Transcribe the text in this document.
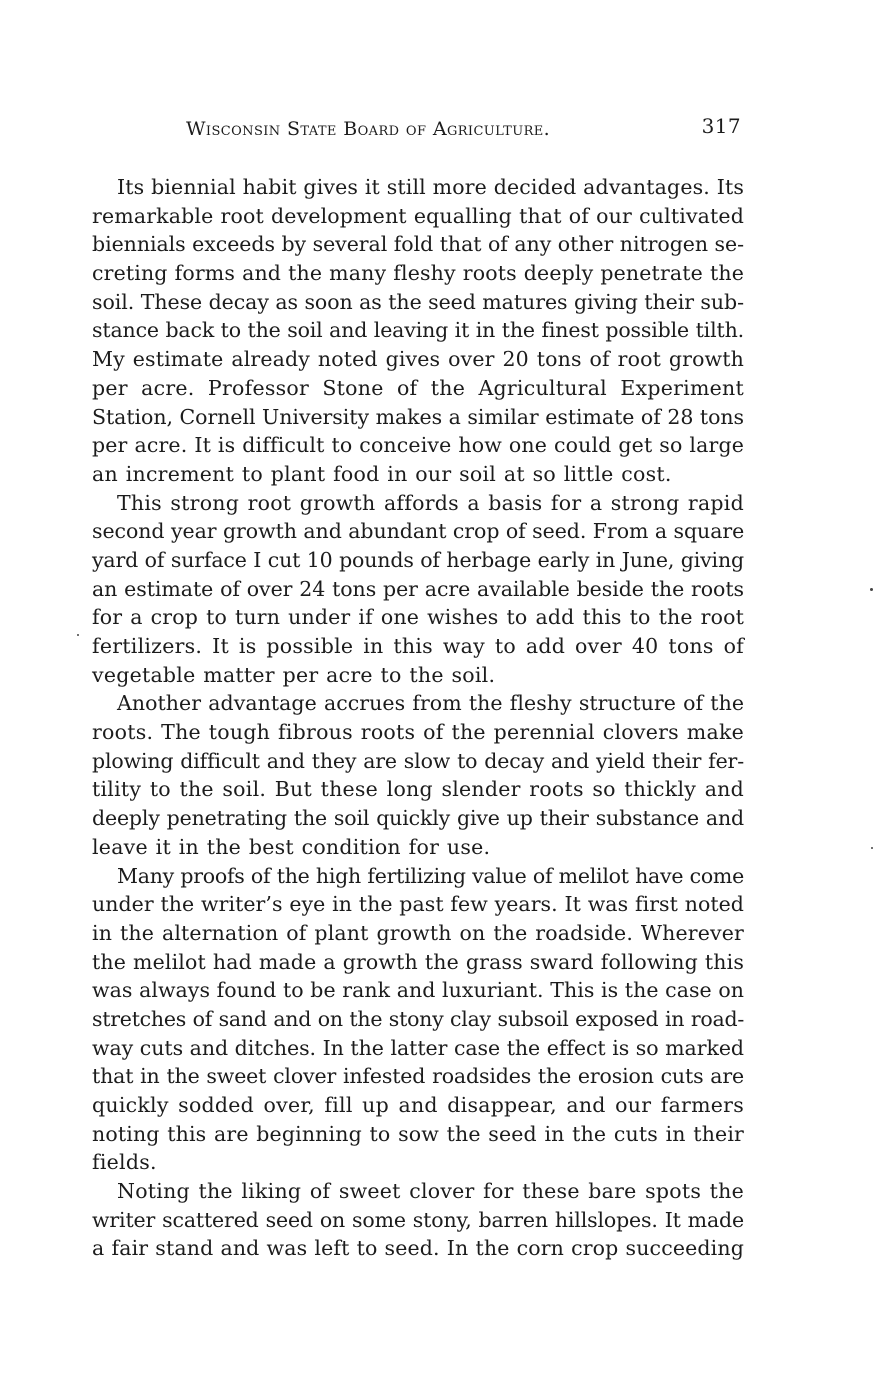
Wisconsin State Board of Agriculture.	317
Its biennial habit gives it still more decided advantages. Its
remarkable root development equalling that of our cultivated
biennials exceeds by several fold that of any other nitrogen se-
creting forms and the many fleshy roots deeply penetrate the
soil. These decay as soon as the seed matures giving their sub-
stance back to the soil and leaving it in the finest possible tilth.
My estimate already noted gives over 20 tons of root growth
per acre. Professor Stone of the Agricultural Experiment
Station, Cornell University makes a similar estimate of 28 tons
per acre. It is difficult to conceive how one could get so large
an increment to plant food in our soil at so little cost.
This strong root growth affords a basis for a strong rapid
second year growth and abundant crop of seed. From a square
yard of surface I cut 10 pounds of herbage early in June, giving
an estimate of over 24 tons per acre available beside the roots
for a crop to turn under if one wishes to add this to the root
fertilizers. It is possible in this way to add over 40 tons of
vegetable matter per acre to the soil.
Another advantage accrues from the fleshy structure of the
roots. The tough fibrous roots of the perennial clovers make
plowing difficult and they are slow to decay and yield their fer-
tility to the soil. But these long slender roots so thickly and
deeply penetrating the soil quickly give up their substance and
leave it in the best condition for use.
Many proofs of the high fertilizing value of melilot have come
under the writer’s eye in the past few years. It was first noted
in the alternation of plant growth on the roadside. Wherever
the melilot had made a growth the grass sward following this
was always found to be rank and luxuriant. This is the case on
stretches of sand and on the stony clay subsoil exposed in road-
way cuts and ditches. In the latter case the effect is so marked
that in the sweet clover infested roadsides the erosion cuts are
quickly sodded over, fill up and disappear, and our farmers
noting this are beginning to sow the seed in the cuts in their
fields.
Noting the liking of sweet clover for these bare spots the
writer scattered seed on some stony, barren hillslopes. It made
a fair stand and was left to seed. In the corn crop succeeding
